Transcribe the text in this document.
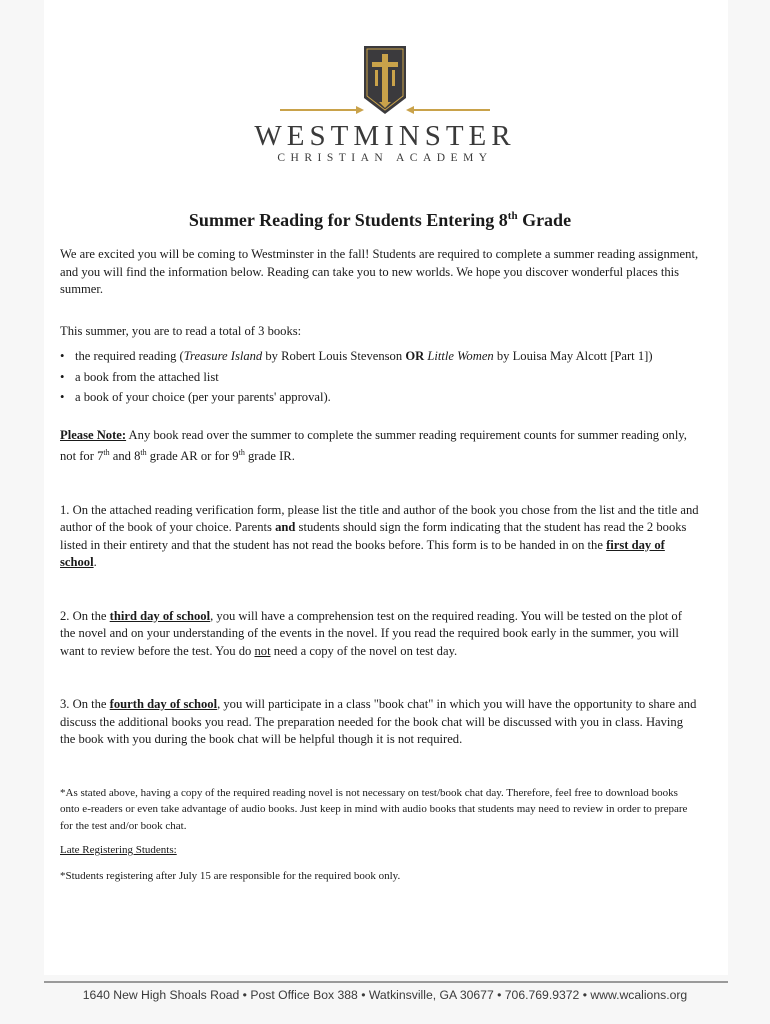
WESTMINSTER
CHRISTIAN ACADEMY
Summer Reading for Students Entering 8th Grade

We are excited you will be coming to Westminster in the fall! Students are required to complete a summer reading assignment, and you will find the information below. Reading can take you to new worlds. We hope you discover wonderful places this summer.

This summer, you are to read a total of 3 books:

• the required reading (Treasure Island by Robert Louis Stevenson OR Little Women by Louisa May Alcott [Part 1])
• a book from the attached list
• a book of your choice (per your parents' approval).

Please Note: Any book read over the summer to complete the summer reading requirement counts for summer reading only, not for 7th and 8th grade AR or for 9th grade IR.

1. On the attached reading verification form, please list the title and author of the book you chose from the list and the title and author of the book of your choice. Parents and students should sign the form indicating that the student has read the 2 books listed in their entirety and that the student has not read the books before. This form is to be handed in on the first day of school.

2. On the third day of school, you will have a comprehension test on the required reading. You will be tested on the plot of the novel and on your understanding of the events in the novel. If you read the required book early in the summer, you will want to review before the test. You do not need a copy of the novel on test day.

3. On the fourth day of school, you will participate in a class "book chat" in which you will have the opportunity to share and discuss the additional books you read. The preparation needed for the book chat will be discussed with you in class. Having the book with you during the book chat will be helpful though it is not required.

*As stated above, having a copy of the required reading novel is not necessary on test/book chat day. Therefore, feel free to download books onto e-readers or even take advantage of audio books. Just keep in mind with audio books that students may need to review in order to prepare for the test and/or book chat.

Late Registering Students:

*Students registering after July 15 are responsible for the required book only.

1640 New High Shoals Road • Post Office Box 388 • Watkinsville, GA 30677 • 706.769.9372 • www.wcalions.org
